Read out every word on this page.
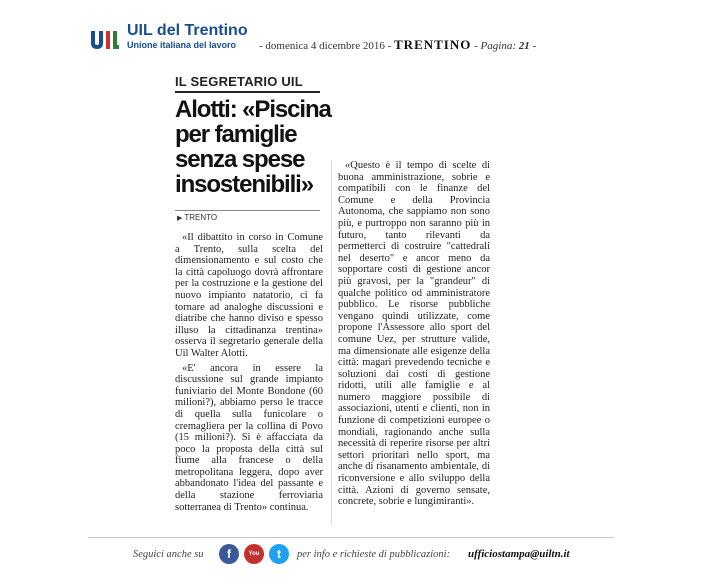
UIL del Trentino
Unione italiana del lavoro - domenica 4 dicembre 2016 - TRENTINO - Pagina: 21 -
IL SEGRETARIO UIL
Alotti: «Piscina
per famiglie
senza spese
insostenibili»
▶ TRENTO

«Il dibattito in corso in Comune a Trento, sulla scelta del dimensionamento e sul costo che la città capoluogo dovrà affrontare per la costruzione e la gestione del nuovo impianto natatorio, ci fa tornare ad analoghe discussioni e diatribe che hanno diviso e spesso illuso la cittadinanza trentina» osserva il segretario generale della Uil Walter Alotti.

«E' ancora in essere la discussione sul grande impianto funiviario del Monte Bondone (60 milioni?), abbiamo perso le tracce di quella sulla funicolare o cremagliera per la collina di Povo (15 milioni?). Si è affacciata da poco la proposta della città sul fiume alla francese o della metropolitana leggera, dopo aver abbandonato l'idea del passante e della stazione ferroviaria sotterranea di Trento» continua.

«Questo è il tempo di scelte di buona amministrazione, sobrie e compatibili con le finanze del Comune e della Provincia Autonoma, che sappiamo non sono più, e purtroppo non saranno più in futuro, tanto rilevanti da permetterci di costruire "cattedrali nel deserto" e ancor meno da sopportare costi di gestione ancor più gravosi, per la "grandeur" di qualche politico od amministratore pubblico. Le risorse pubbliche vengano quindi utilizzate, come propone l'Assessore allo sport del comune Uez, per strutture valide, ma dimensionate alle esigenze della città: magari prevedendo tecniche e soluzioni dai costi di gestione ridotti, utili alle famiglie e al numero maggiore possibile di associazioni, utenti e clienti, non in funzione di competizioni europee o mondiali, ragionando anche sulla necessità di reperire risorse per altri settori prioritari nello sport, ma anche di risanamento ambientale, di riconversione e allo sviluppo della città. Azioni di governo sensate, concrete, sobrie e lungimiranti».

Seguici anche su	f	You	t	per info e richieste di pubblicazioni: ufficiostampa@uiltn.it
